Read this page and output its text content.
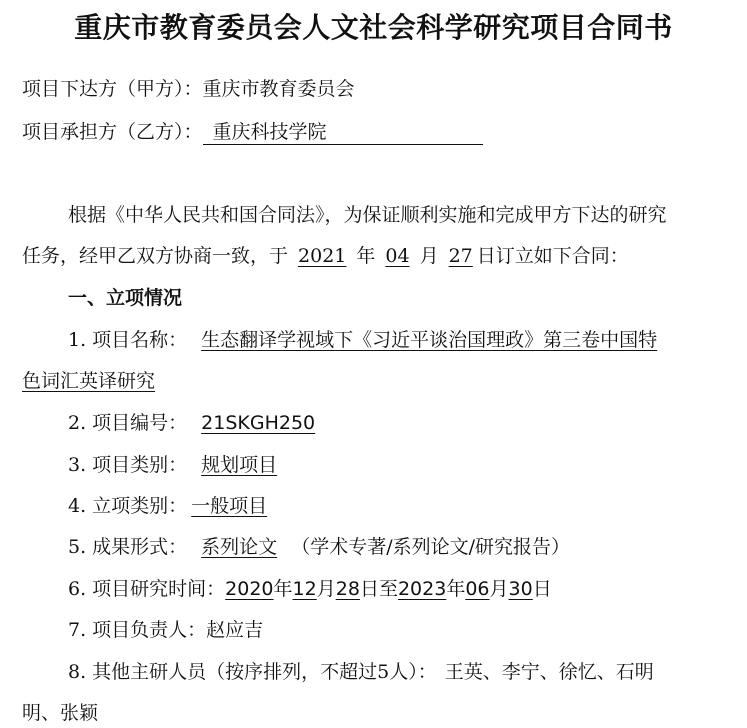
重庆市教育委员会人文社会科学研究项目合同书
项目下达方（甲方）：重庆市教育委员会
项目承担方（乙方）： 重庆科技学院
根据《中华人民共和国合同法》，为保证顺利实施和完成甲方下达的研究
任务，经甲乙双方协商一致，于 2021 年 04 月 27 日订立如下合同：
一、立项情况
1. 项目名称： 生态翻译学视域下《习近平谈治国理政》第三卷中国特
色词汇英译研究
2. 项目编号： 21SKGH250
3. 项目类别： 规划项目
4. 立项类别： 一般项目
5. 成果形式： 系列论文 （学术专著/系列论文/研究报告）
6. 项目研究时间：2020年12月28日至2023年06月30日
7. 项目负责人：赵应吉
8. 其他主研人员（按序排列，不超过5人）： 王英、李宁、徐忆、石明
明、张颖
